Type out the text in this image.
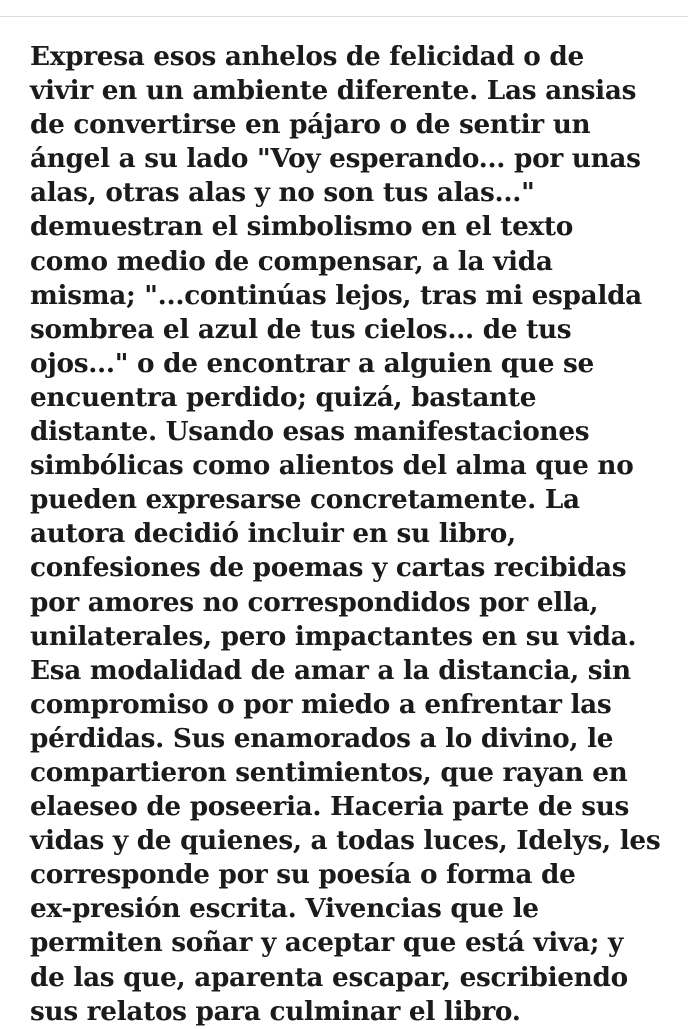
Expresa esos anhelos de felicidad o de
vivir en un ambiente diferente. Las ansias
de convertirse en pájaro o de sentir un
ángel a su lado "Voy esperando... por unas
alas, otras alas y no son tus alas..."
demuestran el simbolismo en el texto
como medio de compensar, a la vida
misma; "...continúas lejos, tras mi espalda
sombrea el azul de tus cielos... de tus
ojos..." o de encontrar a alguien que se
encuentra perdido; quizá, bastante
distante. Usando esas manifestaciones
simbólicas como alientos del alma que no
pueden expresarse concretamente. La
autora decidió incluir en su libro,
confesiones de poemas y cartas recibidas
por amores no correspondidos por ella,
unilaterales, pero impactantes en su vida.
Esa modalidad de amar a la distancia, sin
compromiso o por miedo a enfrentar las
pérdidas. Sus enamorados a lo divino, le
compartieron sentimientos, que rayan en
elaeseo de poseeria. Haceria parte de sus
vidas y de quienes, a todas luces, Idelys, les
corresponde por su poesía o forma de
ex-presión escrita. Vivencias que le
permiten soñar y aceptar que está viva; y
de las que, aparenta escapar, escribiendo
sus relatos para culminar el libro.
